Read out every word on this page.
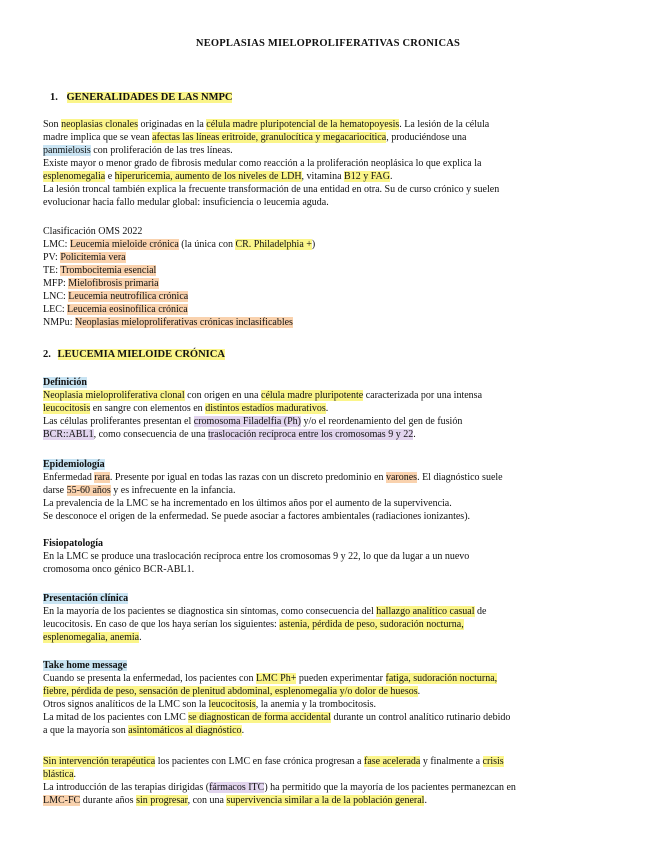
NEOPLASIAS MIELOPROLIFERATIVAS CRONICAS
1. GENERALIDADES DE LAS NMPC
Son neoplasias clonales originadas en la célula madre pluripotencial de la hematopoyesis. La lesión de la célula
madre implica que se vean afectas las líneas eritroide, granulocítica y megacariocítica, produciéndose una
panmielosis con proliferación de las tres líneas.
Existe mayor o menor grado de fibrosis medular como reacción a la proliferación neoplásica lo que explica la
esplenomegalia e hiperuricemia, aumento de los niveles de LDH, vitamina B12 y FAG.
La lesión troncal también explica la frecuente transformación de una entidad en otra. Su de curso crónico y suelen
evolucionar hacia fallo medular global: insuficiencia o leucemia aguda.
Clasificación OMS 2022
LMC: Leucemia mieloide crónica (la única con CR. Philadelphia +)
PV: Policitemia vera
TE: Trombocitemia esencial
MFP: Mielofibrosis primaria
LNC: Leucemia neutrofílica crónica
LEC: Leucemia eosinofílica crónica
NMPu: Neoplasias mieloproliferativas crónicas inclasificables
2. LEUCEMIA MIELOIDE CRÓNICA
Definición
Neoplasia mieloproliferativa clonal con origen en una célula madre pluripotente caracterizada por una intensa
leucocitosis en sangre con elementos en distintos estadíos madurativos.
Las células proliferantes presentan el cromosoma Filadelfia (Ph) y/o el reordenamiento del gen de fusión
BCR::ABL1, como consecuencia de una traslocación recíproca entre los cromosomas 9 y 22.
Epidemiología
Enfermedad rara. Presente por igual en todas las razas con un discreto predominio en varones. El diagnóstico suele
darse 55-60 años y es infrecuente en la infancia.
La prevalencia de la LMC se ha incrementado en los últimos años por el aumento de la supervivencia.
Se desconoce el origen de la enfermedad. Se puede asociar a factores ambientales (radiaciones ionizantes).
Fisiopatología
En la LMC se produce una traslocación recíproca entre los cromosomas 9 y 22, lo que da lugar a un nuevo
cromosoma onco génico BCR-ABL1.
Presentación clínica
En la mayoría de los pacientes se diagnostica sin síntomas, como consecuencia del hallazgo analítico casual de
leucocitosis. En caso de que los haya serían los siguientes: astenia, pérdida de peso, sudoración nocturna,
esplenomegalia, anemia.
Take home message
Cuando se presenta la enfermedad, los pacientes con LMC Ph+ pueden experimentar fatiga, sudoración nocturna,
fiebre, pérdida de peso, sensación de plenitud abdominal, esplenomegalia y/o dolor de huesos.
Otros signos analíticos de la LMC son la leucocitosis, la anemia y la trombocitosis.
La mitad de los pacientes con LMC se diagnostican de forma accidental durante un control analítico rutinario debido
a que la mayoría son asintomáticos al diagnóstico.
Sin intervención terapéutica los pacientes con LMC en fase crónica progresan a fase acelerada y finalmente a crisis
blástica.
La introducción de las terapias dirigidas (fármacos ITC) ha permitido que la mayoría de los pacientes permanezcan en
LMC-FC durante años sin progresar, con una supervivencia similar a la de la población general.
